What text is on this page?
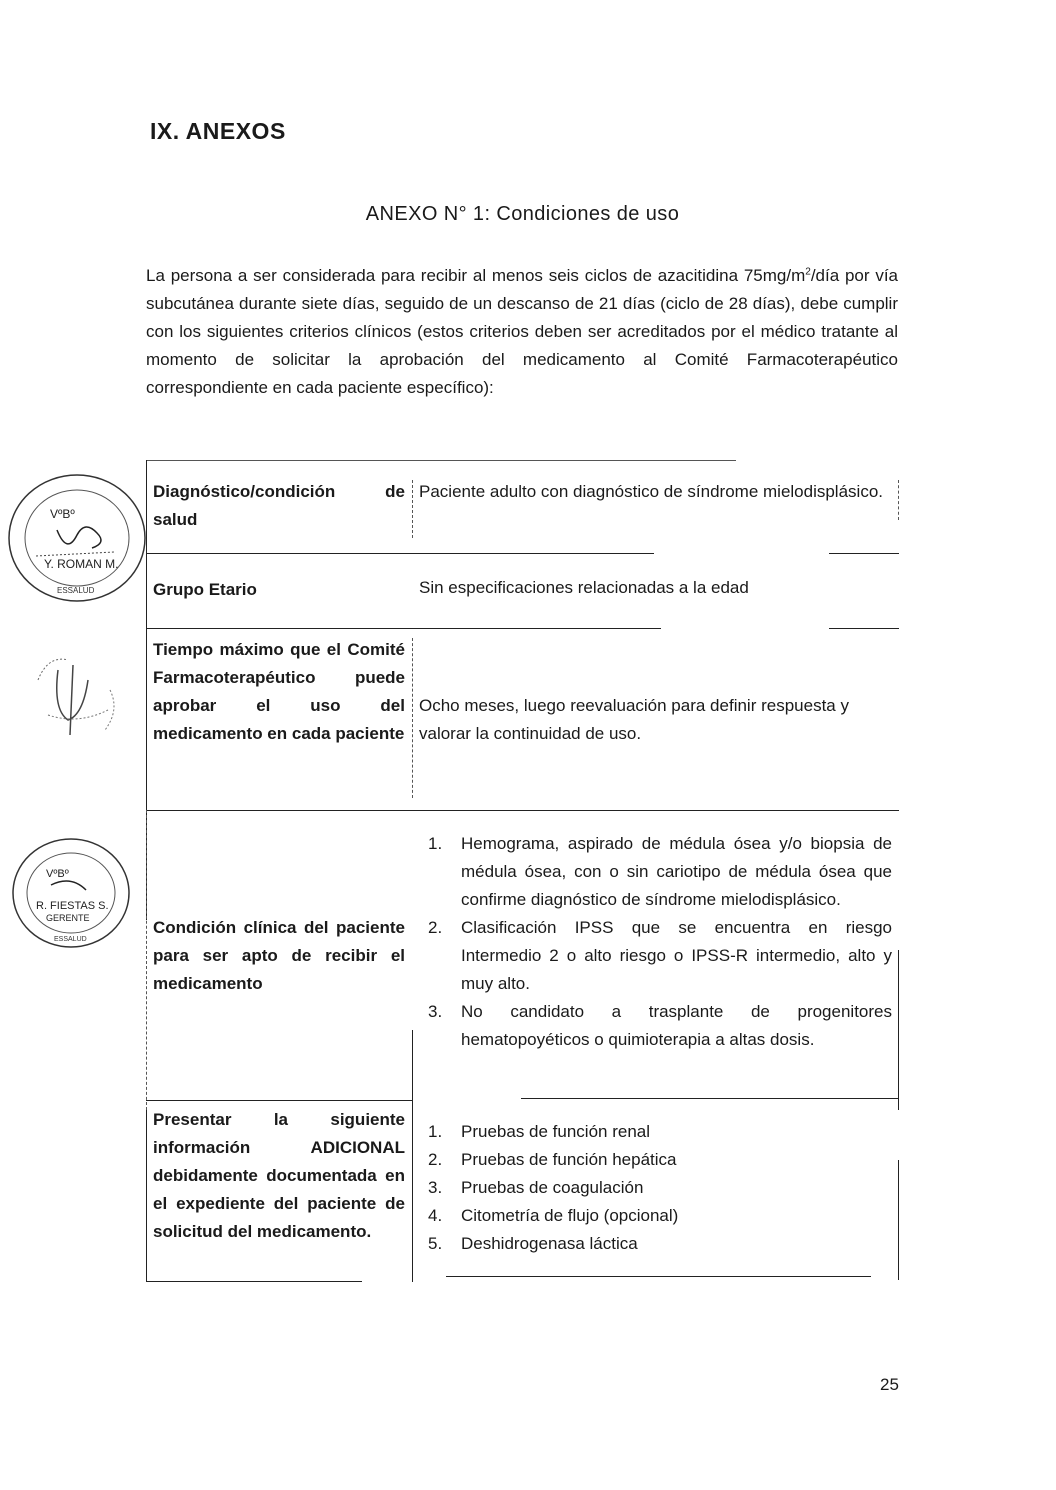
IX. ANEXOS
ANEXO N° 1: Condiciones de uso

La persona a ser considerada para recibir al menos seis ciclos de azacitidina $75mg/m^2$/día por vía subcutánea durante siete días, seguido de un descanso de 21 días (ciclo de 28 días), debe cumplir con los siguientes criterios clínicos (estos criterios deben ser acreditados por el médico tratante al momento de solicitar la aprobación del medicamento al Comité Farmacoterapéutico correspondiente en cada paciente específico):

VºBº
Y. ROMAN M.
ESSALUD
VºBº
R. FIESTAS S.
GERENTE
ESSALUD
Diagnóstico/condición de salud
Paciente adulto con diagnóstico de síndrome mielodisplásico.
Grupo Etario	Sin especificaciones relacionadas a la edad
Tiempo máximo que el Comité Farmacoterapéutico puede aprobar el uso del medicamento en cada paciente
Ocho meses, luego reevaluación para definir respuesta y valorar la continuidad de uso.
Condición clínica del paciente para ser apto de recibir el medicamento
1. Hemograma, aspirado de médula ósea y/o biopsia de médula ósea, con o sin cariotipo de médula ósea que confirme diagnóstico de síndrome mielodisplásico.
2. Clasificación IPSS que se encuentra en riesgo Intermedio 2 o alto riesgo o IPSS-R intermedio, alto y muy alto.
3. No candidato a trasplante de progenitores hematopoyéticos o quimioterapia a altas dosis.
Presentar la siguiente información ADICIONAL debidamente documentada en el expediente del paciente de solicitud del medicamento.
1. Pruebas de función renal
2. Pruebas de función hepática
3. Pruebas de coagulación
4. Citometría de flujo (opcional)
5. Deshidrogenasa láctica
25
